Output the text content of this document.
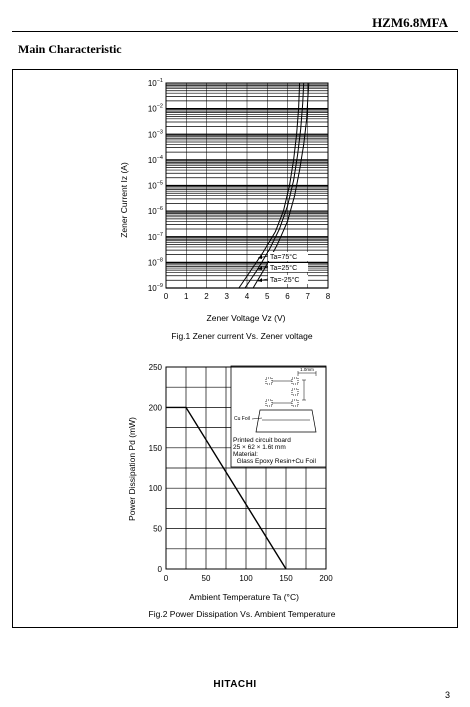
HZM6.8MFA
Main Characteristic
$10^{-1}$
$10^{-2}$
$10^{-3}$
$10^{-4}$
$10^{-5}$
$10^{-6}$
$10^{-7}$
$10^{-8}$
$10^{-9}$
0 1 2 3 4 5 6 7 8
Ta=75°C
Ta=25°C
Ta=-25°C
Zener Voltage Vz (V)
Zener Current Iz (A)
Fig.1 Zener current Vs. Zener voltage
1.0mm
Cu Foil
Printed circuit board
25 × 62 × 1.6t mm
Material:
Glass Epoxy Resin+Cu Foil
0
50
100
150
200
250
0	50	100	150	200
Ambient Temperature Ta (°C)
Power Dissipation Pd (mW)
Fig.2 Power Dissipation Vs. Ambient Temperature
HITACHI
3
